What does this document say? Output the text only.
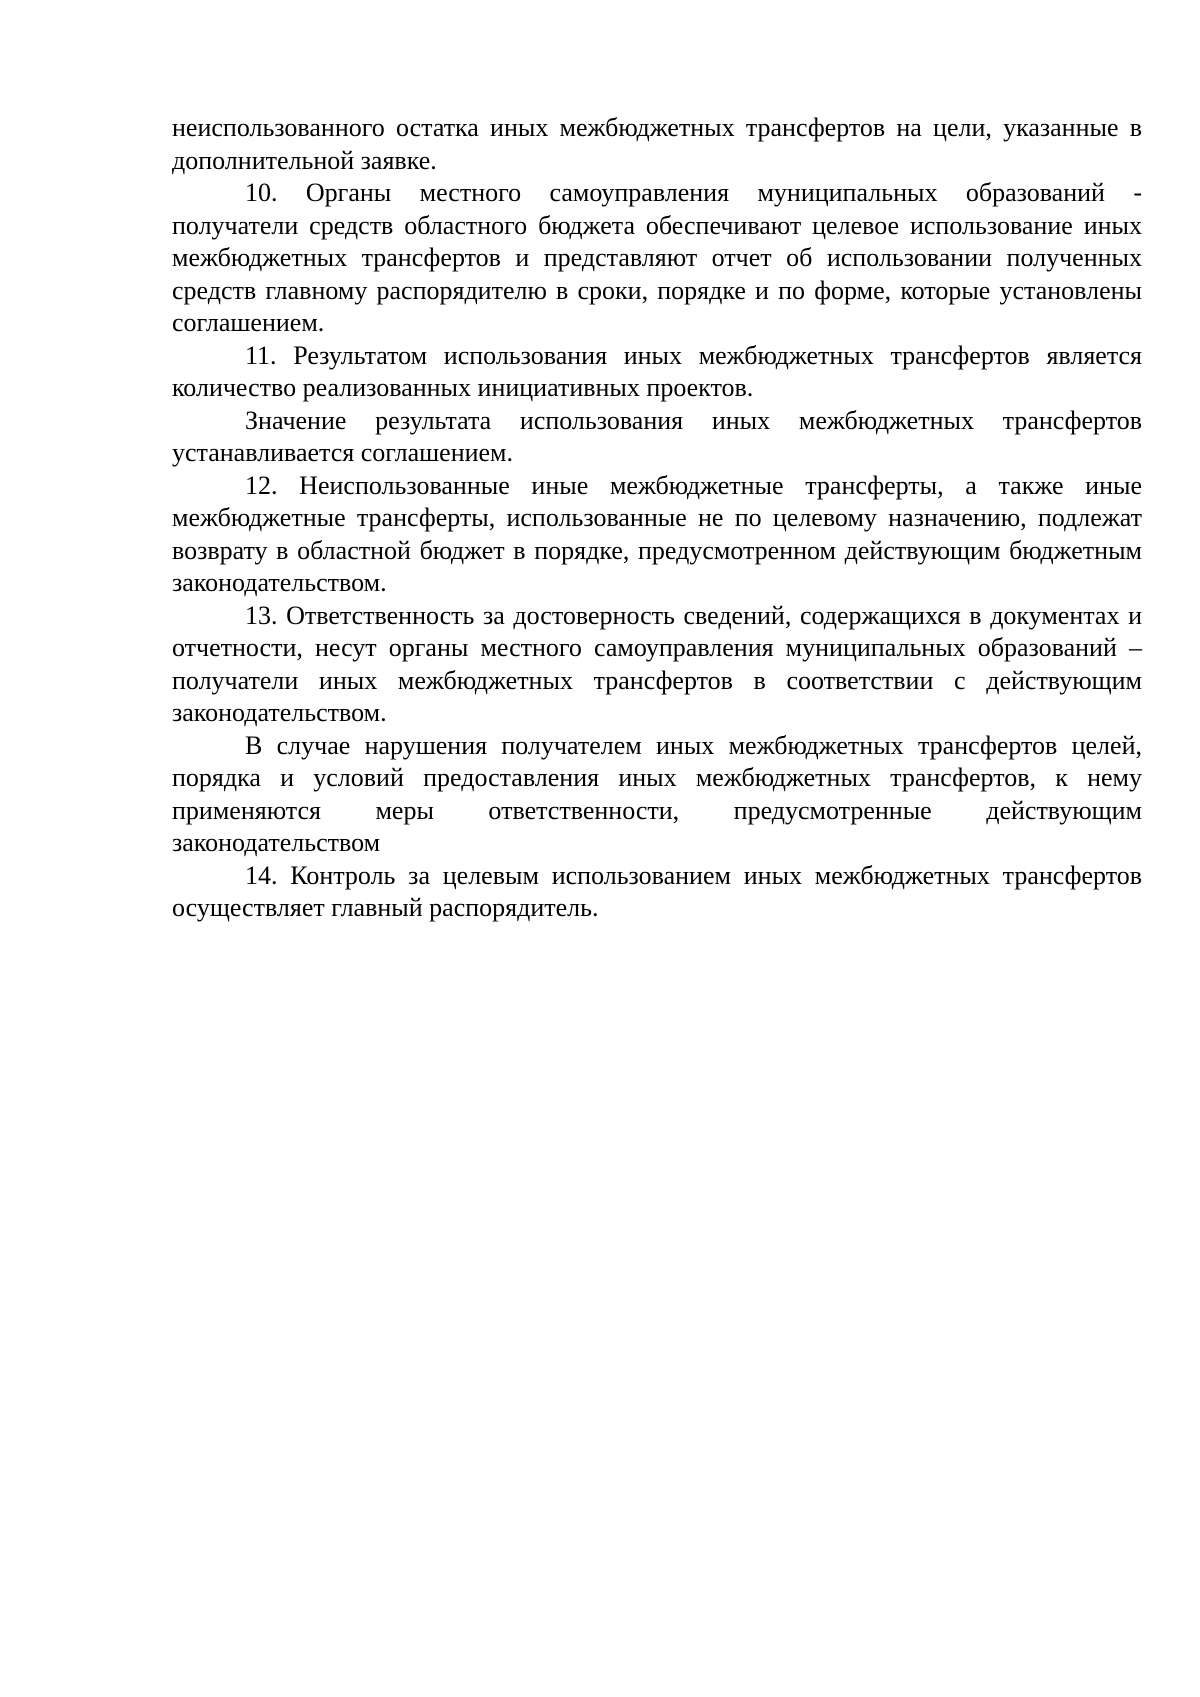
неиспользованного остатка иных межбюджетных трансфертов на цели, указанные в дополнительной заявке.

10. Органы местного самоуправления муниципальных образований - получатели средств областного бюджета обеспечивают целевое использование иных межбюджетных трансфертов и представляют отчет об использовании полученных средств главному распорядителю в сроки, порядке и по форме, которые установлены соглашением.

11. Результатом использования иных межбюджетных трансфертов является количество реализованных инициативных проектов.

Значение результата использования иных межбюджетных трансфертов устанавливается соглашением.

12. Неиспользованные иные межбюджетные трансферты, а также иные межбюджетные трансферты, использованные не по целевому назначению, подлежат возврату в областной бюджет в порядке, предусмотренном действующим бюджетным законодательством.

13. Ответственность за достоверность сведений, содержащихся в документах и отчетности, несут органы местного самоуправления муниципальных образований – получатели иных межбюджетных трансфертов в соответствии с действующим законодательством.

В случае нарушения получателем иных межбюджетных трансфертов целей, порядка и условий предоставления иных межбюджетных трансфертов, к нему применяются меры ответственности, предусмотренные действующим законодательством

14. Контроль за целевым использованием иных межбюджетных трансфертов осуществляет главный распорядитель.
